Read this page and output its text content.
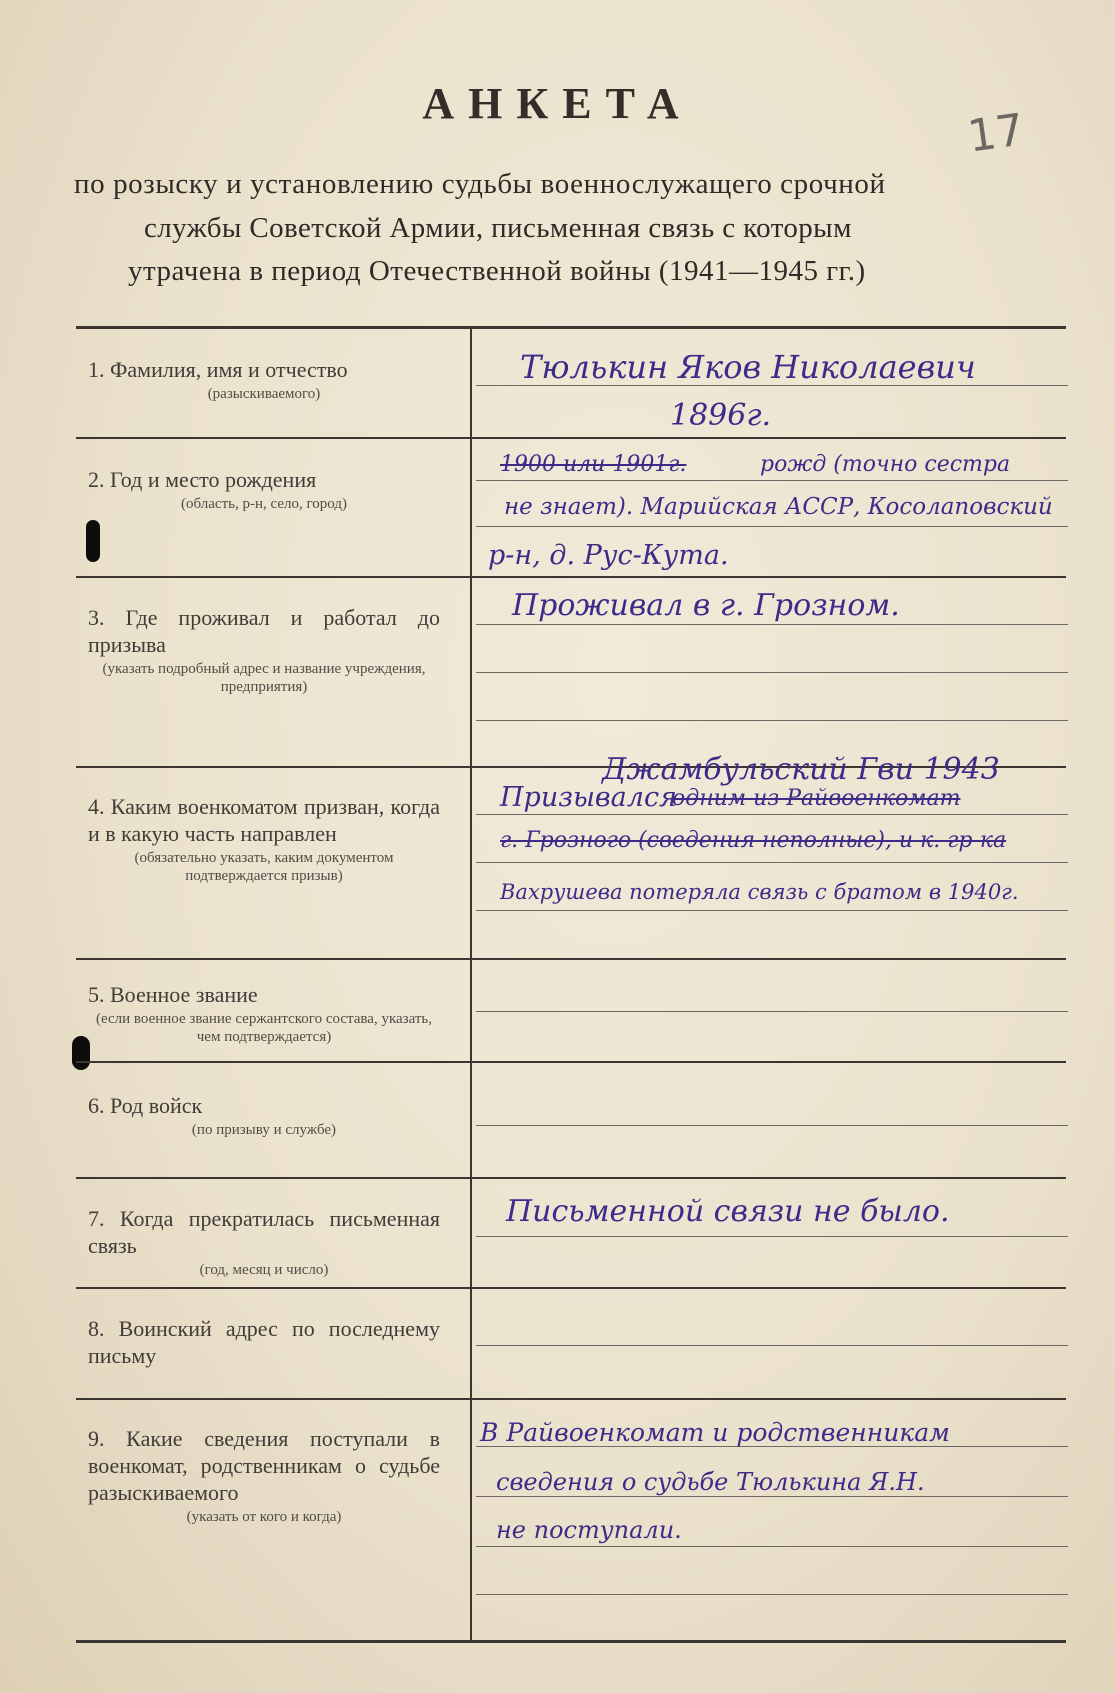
АНКЕТА
17
по розыску и установлению судьбы военнослужащего срочной
службы Советской Армии, письменная связь с которым
утрачена в период Отечественной войны (1941—1945 гг.)
1. Фамилия, имя и отчество
(разыскиваемого)
2. Год и место рождения
(область, р-н, село, город)
3. Где проживал и работал до призыва
(указать подробный адрес и название учреждения, предприятия)
4. Каким военкоматом призван, когда и в какую часть направлен
(обязательно указать, каким документом подтверждается призыв)
5. Военное звание
(если военное звание сержантского состава, указать, чем подтверждается)
6. Род войск
(по призыву и службе)
7. Когда прекратилась письменная связь
(год, месяц и число)
8. Воинский адрес по последнему письму
9. Какие сведения поступали в военкомат, родственникам о судьбе разыскиваемого
(указать от кого и когда)
Тюлькин Яков Николаевич
1896г.
1900 или 1901г.	рожд (точно сестра
не знает). Марийская АССР, Косолаповский
р-н, д. Рус-Кута.
Проживал в г. Грозном.
Джамбульский Гви 1943
Призывался
одним из Райвоенкомат
г. Грозного (сведения неполные), и к. гр-ка
Вахрушева потеряла связь с братом в 1940г.
Письменной связи не было.
В Райвоенкомат и родственникам
сведения о судьбе Тюлькина Я.Н.
не поступали.
